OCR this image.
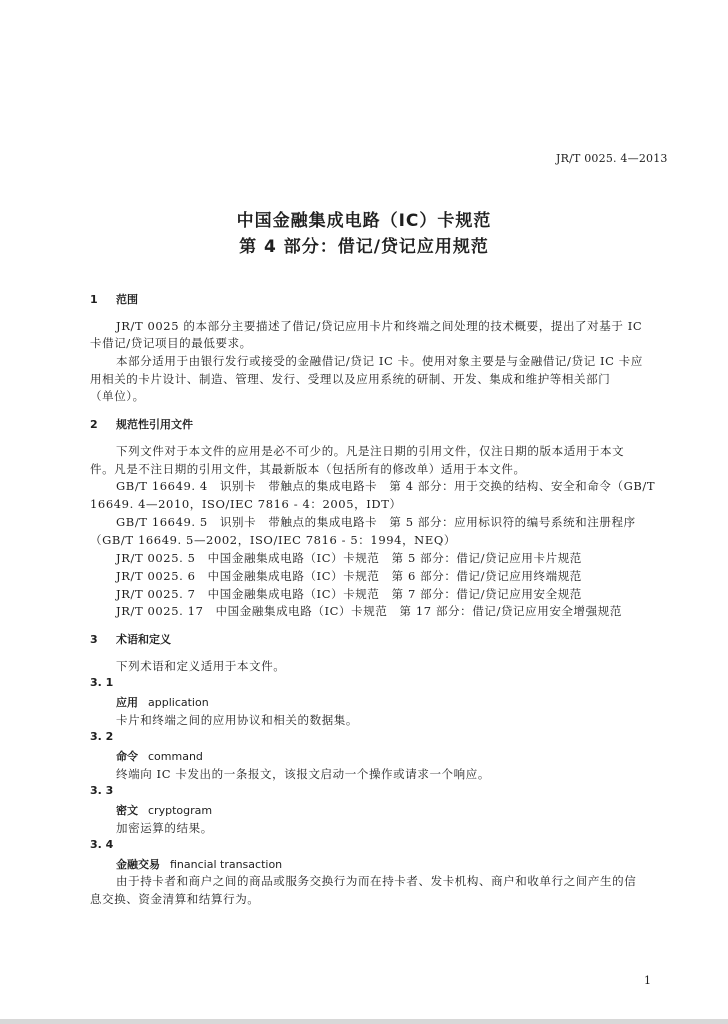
JR/T 0025. 4—2013
中国金融集成电路（IC）卡规范
第 4 部分：借记/贷记应用规范
1 范围
JR/T 0025 的本部分主要描述了借记/贷记应用卡片和终端之间处理的技术概要，提出了对基于 IC
卡借记/贷记项目的最低要求。
本部分适用于由银行发行或接受的金融借记/贷记 IC 卡。使用对象主要是与金融借记/贷记 IC 卡应
用相关的卡片设计、制造、管理、发行、受理以及应用系统的研制、开发、集成和维护等相关部门
（单位）。
2 规范性引用文件
下列文件对于本文件的应用是必不可少的。凡是注日期的引用文件，仅注日期的版本适用于本文
件。凡是不注日期的引用文件，其最新版本（包括所有的修改单）适用于本文件。
GB/T 16649. 4　识别卡　带触点的集成电路卡　第 4 部分：用于交换的结构、安全和命令（GB/T
16649. 4—2010，ISO/IEC 7816 - 4：2005，IDT）
GB/T 16649. 5　识别卡　带触点的集成电路卡　第 5 部分：应用标识符的编号系统和注册程序
（GB/T 16649. 5—2002，ISO/IEC 7816 - 5：1994，NEQ）
JR/T 0025. 5　中国金融集成电路（IC）卡规范　第 5 部分：借记/贷记应用卡片规范
JR/T 0025. 6　中国金融集成电路（IC）卡规范　第 6 部分：借记/贷记应用终端规范
JR/T 0025. 7　中国金融集成电路（IC）卡规范　第 7 部分：借记/贷记应用安全规范
JR/T 0025. 17　中国金融集成电路（IC）卡规范　第 17 部分：借记/贷记应用安全增强规范
3 术语和定义
下列术语和定义适用于本文件。
3. 1
应用 application
卡片和终端之间的应用协议和相关的数据集。
3. 2
命令 command
终端向 IC 卡发出的一条报文，该报文启动一个操作或请求一个响应。
3. 3
密文 cryptogram
加密运算的结果。
3. 4
金融交易 financial transaction
由于持卡者和商户之间的商品或服务交换行为而在持卡者、发卡机构、商户和收单行之间产生的信
息交换、资金清算和结算行为。
1
